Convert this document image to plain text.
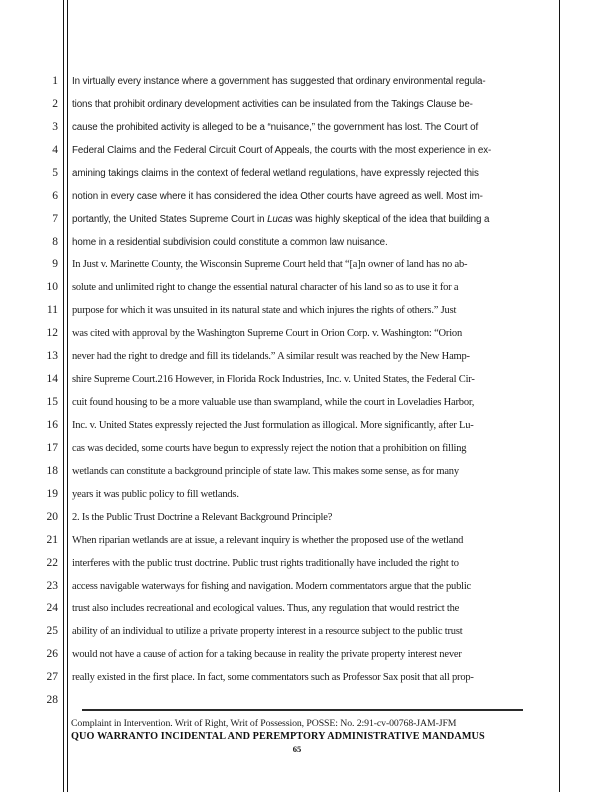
1
2
3
4
5
6
7
8
9
10
11
12
13
14
15
16
17
18
19
20
21
22
23
24
25
26
27
28
In virtually every instance where a government has suggested that ordinary environmental regula-
tions that prohibit ordinary development activities can be insulated from the Takings Clause be-
cause the prohibited activity is alleged to be a “nuisance,” the government has lost. The Court of
Federal Claims and the Federal Circuit Court of Appeals, the courts with the most experience in ex-
amining takings claims in the context of federal wetland regulations, have expressly rejected this
notion in every case where it has considered the idea Other courts have agreed as well. Most im-
portantly, the United States Supreme Court in Lucas was highly skeptical of the idea that building a
home in a residential subdivision could constitute a common law nuisance.
In Just v. Marinette County, the Wisconsin Supreme Court held that “[a]n owner of land has no ab-
solute and unlimited right to change the essential natural character of his land so as to use it for a
purpose for which it was unsuited in its natural state and which injures the rights of others.” Just
was cited with approval by the Washington Supreme Court in Orion Corp. v. Washington: “Orion
never had the right to dredge and fill its tidelands.” A similar result was reached by the New Hamp-
shire Supreme Court.216 However, in Florida Rock Industries, Inc. v. United States, the Federal Cir-
cuit found housing to be a more valuable use than swampland, while the court in Loveladies Harbor,
Inc. v. United States expressly rejected the Just formulation as illogical. More significantly, after Lu-
cas was decided, some courts have begun to expressly reject the notion that a prohibition on filling
wetlands can constitute a background principle of state law. This makes some sense, as for many
years it was public policy to fill wetlands.
2. Is the Public Trust Doctrine a Relevant Background Principle?
When riparian wetlands are at issue, a relevant inquiry is whether the proposed use of the wetland
interferes with the public trust doctrine. Public trust rights traditionally have included the right to
access navigable waterways for fishing and navigation. Modern commentators argue that the public
trust also includes recreational and ecological values. Thus, any regulation that would restrict the
ability of an individual to utilize a private property interest in a resource subject to the public trust
would not have a cause of action for a taking because in reality the private property interest never
really existed in the first place. In fact, some commentators such as Professor Sax posit that all prop-
Complaint in Intervention. Writ of Right, Writ of Possession, POSSE: No. 2:91-cv-00768-JAM-JFM
QUO WARRANTO INCIDENTAL AND PEREMPTORY ADMINISTRATIVE MANDAMUS
65
